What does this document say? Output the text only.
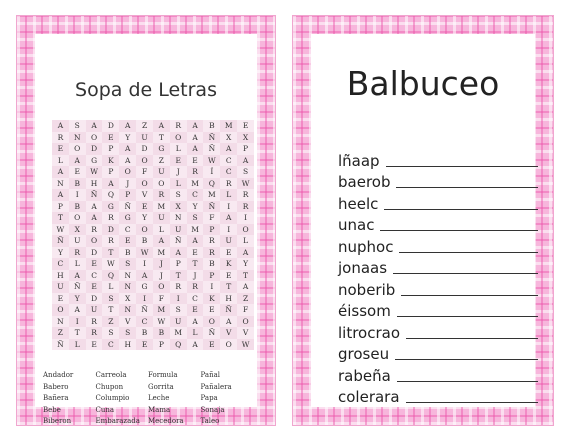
Sopa de Letras
A	S	A	D	A	Z	A	R	A	B	M	E
R	N	O	E	Y	U	T	O	A	Ñ	X	X
E	O	D	P	A	D	G	L	A	Ñ	A	P
L	A	G	K	A	O	Z	E	E	W	C	A
A	E	W	P	O	F	U	J	R	Í	C	S
N	B	H	A	J	O	O	L	M	Q	R	W
A	I	Ñ	Q	P	V	R	S	C	M	L	R
P	B	A	G	Ñ	E	M	X	Y	Ñ	I	R
T	O	A	R	G	Y	U	N	S	F	A	I
W	X	R	D	C	O	L	U	M	P	I	O
Ñ	U	O	R	E	B	A	Ñ	A	R	U	L
Y	R	D	T	B	W	M	A	E	R	E	A
C	L	E	W	S	I	J	P	T	B	K	Y
H	A	C	Q	N	A	J	T	J	P	E	T
U	Ñ	E	L	N	G	O	R	R	I	T	A
E	Y	D	S	X	I	F	I	C	K	H	Z
O	A	U	T	N	Ñ	M	S	E	E	Ñ	F
N	I	R	Z	V	C	W	U	A	O	A	O
Z	T	R	S	S	B	B	M	L	Ñ	V	V
Ñ	L	E	C	H	E	P	Q	A	E	O	W
Andador	Carreola	Formula	Pañal
Babero	Chupon	Gorrita	Pañalera
Bañera	Columpio	Leche	Papa
Bebe	Cuna	Mama	Sonaja
Biberon	Embarazada	Mecedora	Taleo
Balbuceo
lñaap
baerob
heelc
unac
nuphoc
jonaas
noberib
éissom
litrocrao
groseu
rabeña
colerara
